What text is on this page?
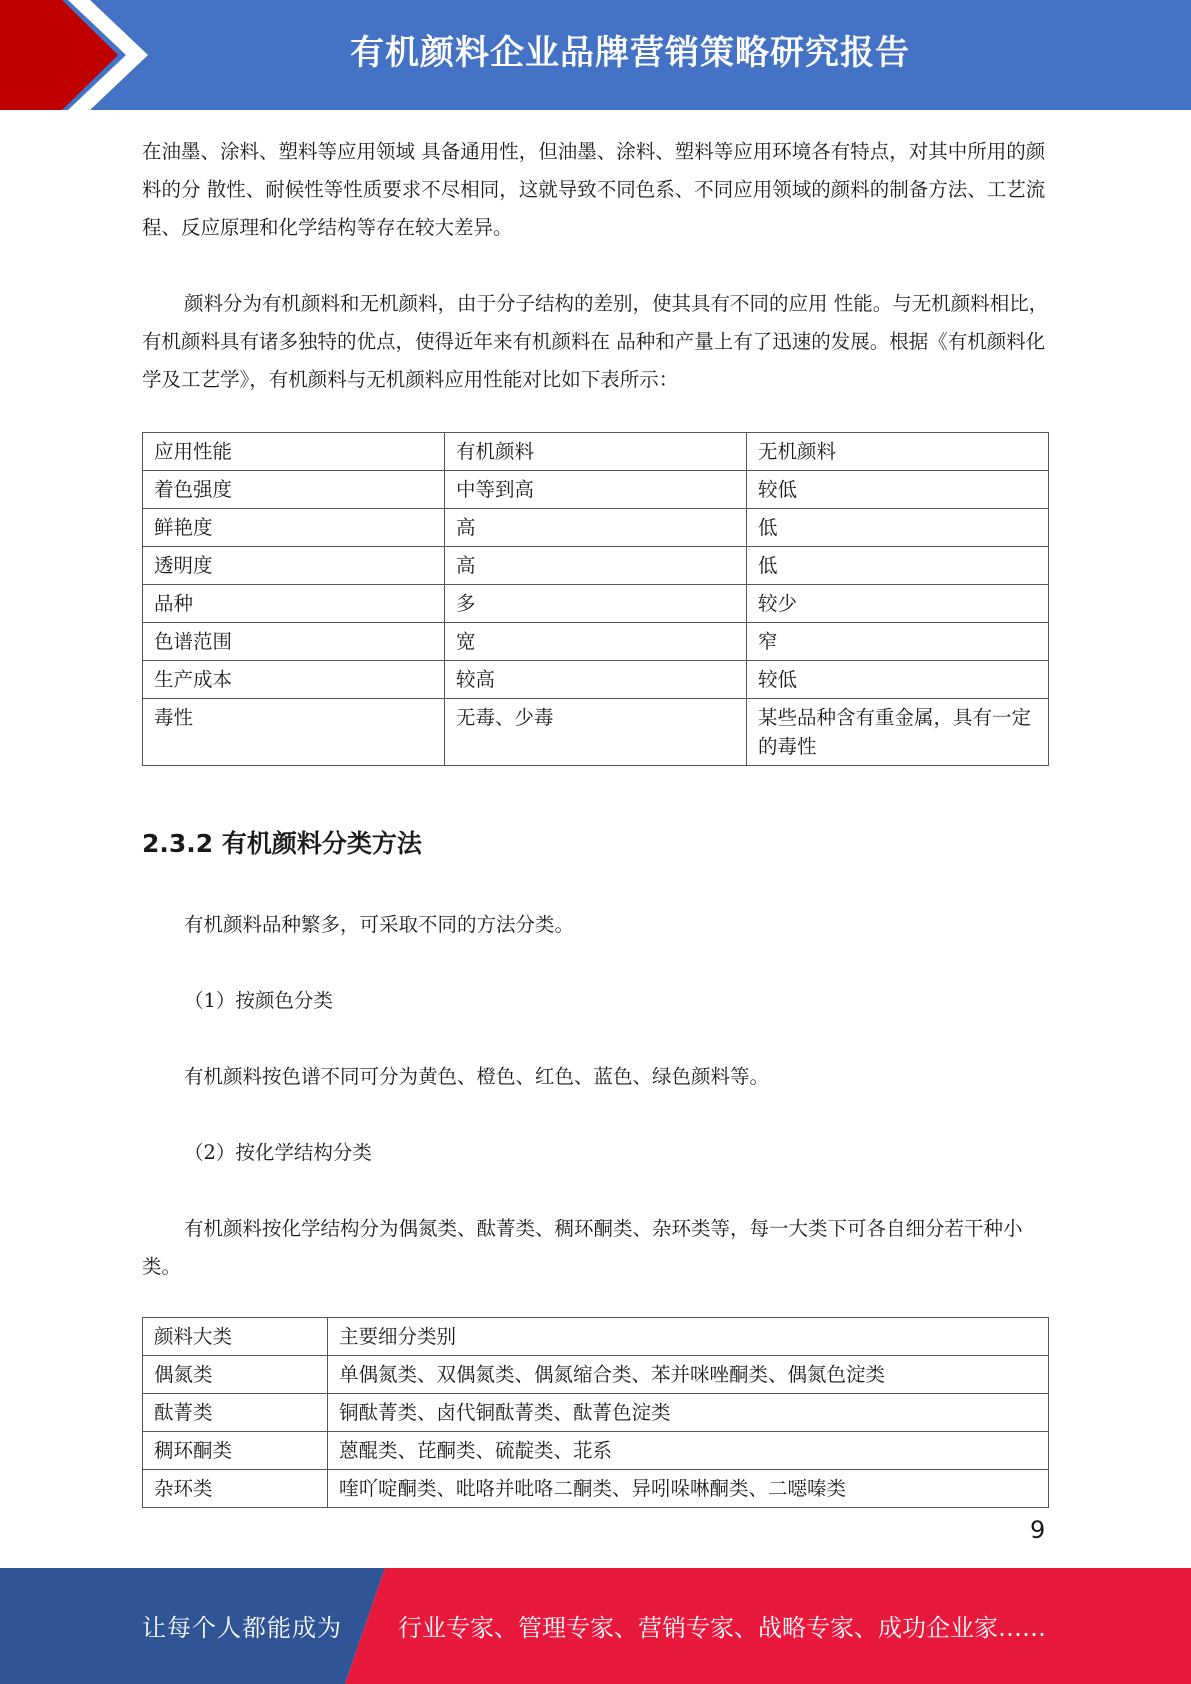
有机颜料企业品牌营销策略研究报告

在油墨、涂料、塑料等应用领域 具备通用性，但油墨、涂料、塑料等应用环境各有特点，对其中所用的颜料的分 散性、耐候性等性质要求不尽相同，这就导致不同色系、不同应用领域的颜料的制备方法、工艺流程、反应原理和化学结构等存在较大差异。

颜料分为有机颜料和无机颜料，由于分子结构的差别，使其具有不同的应用 性能。与无机颜料相比，有机颜料具有诸多独特的优点，使得近年来有机颜料在 品种和产量上有了迅速的发展。根据《有机颜料化学及工艺学》，有机颜料与无机颜料应用性能对比如下表所示：

应用性能	有机颜料	无机颜料
着色强度	中等到高	较低
鲜艳度	高	低
透明度	高	低
品种	多	较少
色谱范围	宽	窄
生产成本	较高	较低
毒性	无毒、少毒	某些品种含有重金属，具有一定的毒性
2.3.2 有机颜料分类方法

有机颜料品种繁多，可采取不同的方法分类。

（1）按颜色分类

有机颜料按色谱不同可分为黄色、橙色、红色、蓝色、绿色颜料等。

（2）按化学结构分类

有机颜料按化学结构分为偶氮类、酞菁类、稠环酮类、杂环类等，每一大类下可各自细分若干种小类。

颜料大类	主要细分类别
偶氮类	单偶氮类、双偶氮类、偶氮缩合类、苯并咪唑酮类、偶氮色淀类
酞菁类	铜酞菁类、卤代铜酞菁类、酞菁色淀类
稠环酮类	蒽醌类、芘酮类、硫靛类、苝系
杂环类	喹吖啶酮类、吡咯并吡咯二酮类、异吲哚啉酮类、二噁嗪类
9
让每个人都能成为 行业专家、管理专家、营销专家、战略专家、成功企业家……
